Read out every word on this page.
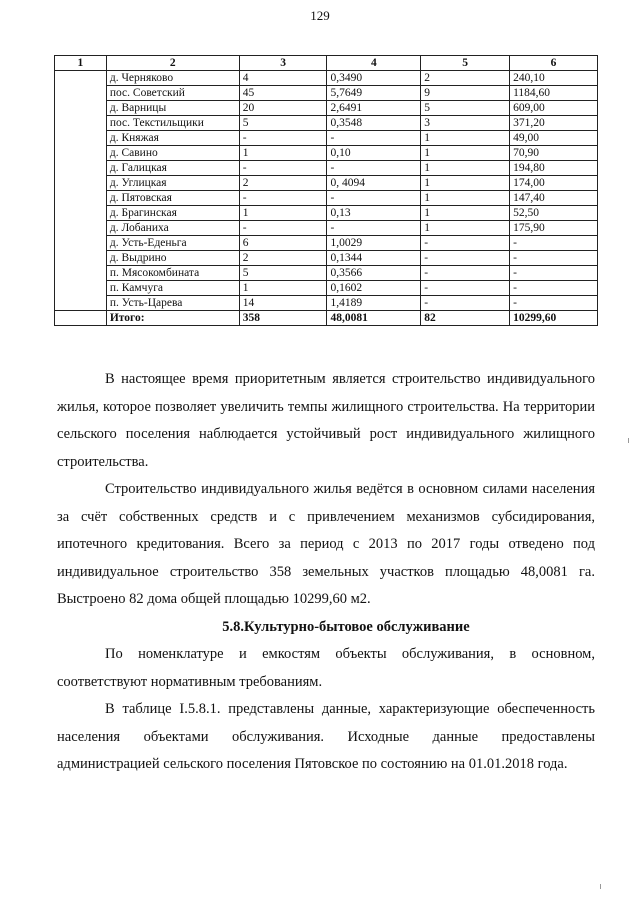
129
1	2	3	4	5	6
	д. Черняково	4	0,3490	2	240,10
	пос. Советский	45	5,7649	9	1184,60
	д. Варницы	20	2,6491	5	609,00
	пос. Текстильщики	5	0,3548	3	371,20
	д. Княжая	-	-	1	49,00
	д. Савино	1	0,10	1	70,90
	д. Галицкая	-	-	1	194,80
	д. Углицкая	2	0, 4094	1	174,00
	д. Пятовская	-	-	1	147,40
	д. Брагинская	1	0,13	1	52,50
	д. Лобаниха	-	-	1	175,90
	д. Усть-Еденьга	6	1,0029	-	-
	д. Выдрино	2	0,1344	-	-
	п. Мясокомбината	5	0,3566	-	-
	п. Камчуга	1	0,1602	-	-
	п. Усть-Царева	14	1,4189	-	-
	Итого:	358	48,0081	82	10299,60

В настоящее время приоритетным является строительство индивидуального жилья, которое позволяет увеличить темпы жилищного строительства. На территории сельского поселения наблюдается устойчивый рост индивидуального жилищного строительства.

Строительство индивидуального жилья ведётся в основном силами населения за счёт собственных средств и с привлечением механизмов субсидирования, ипотечного кредитования. Всего за период с 2013 по 2017 годы отведено под индивидуальное строительство 358 земельных участков площадью 48,0081 га. Выстроено 82 дома общей площадью 10299,60 м2.

5.8.Культурно-бытовое обслуживание

По номенклатуре и емкостям объекты обслуживания, в основном, соответствуют нормативным требованиям.

В таблице I.5.8.1. представлены данные, характеризующие обеспеченность населения объектами обслуживания. Исходные данные предоставлены администрацией сельского поселения Пятовское по состоянию на 01.01.2018 года.
